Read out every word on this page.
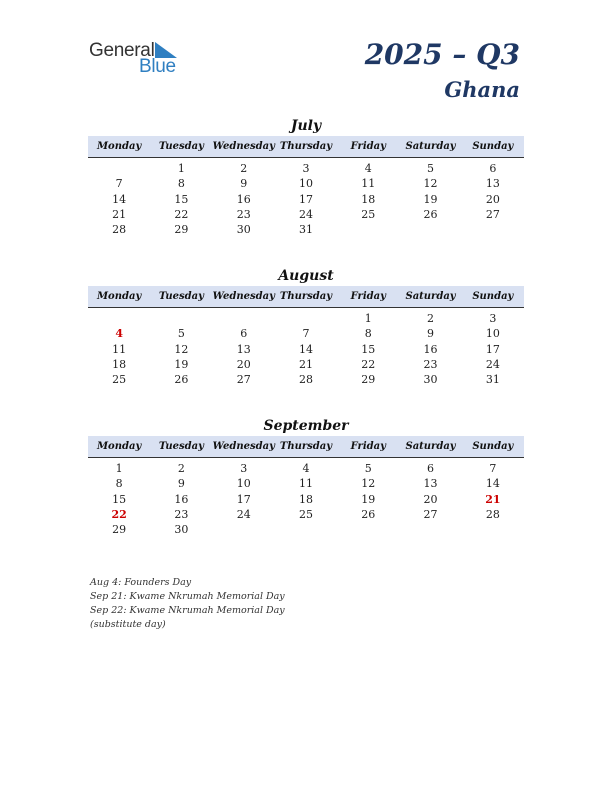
General
Blue	2025 – Q3
Ghana
July
Monday	Tuesday	Wednesday	Thursday	Friday	Saturday	Sunday
	1	2	3	4	5	6
7	8	9	10	11	12	13
14	15	16	17	18	19	20
21	22	23	24	25	26	27
28	29	30	31			
August
Monday	Tuesday	Wednesday	Thursday	Friday	Saturday	Sunday
				1	2	3
4	5	6	7	8	9	10
11	12	13	14	15	16	17
18	19	20	21	22	23	24
25	26	27	28	29	30	31
September
Monday	Tuesday	Wednesday	Thursday	Friday	Saturday	Sunday
1	2	3	4	5	6	7
8	9	10	11	12	13	14
15	16	17	18	19	20	21
22	23	24	25	26	27	28
29	30					
Aug 4: Founders Day
Sep 21: Kwame Nkrumah Memorial Day
Sep 22: Kwame Nkrumah Memorial Day (substitute day)
